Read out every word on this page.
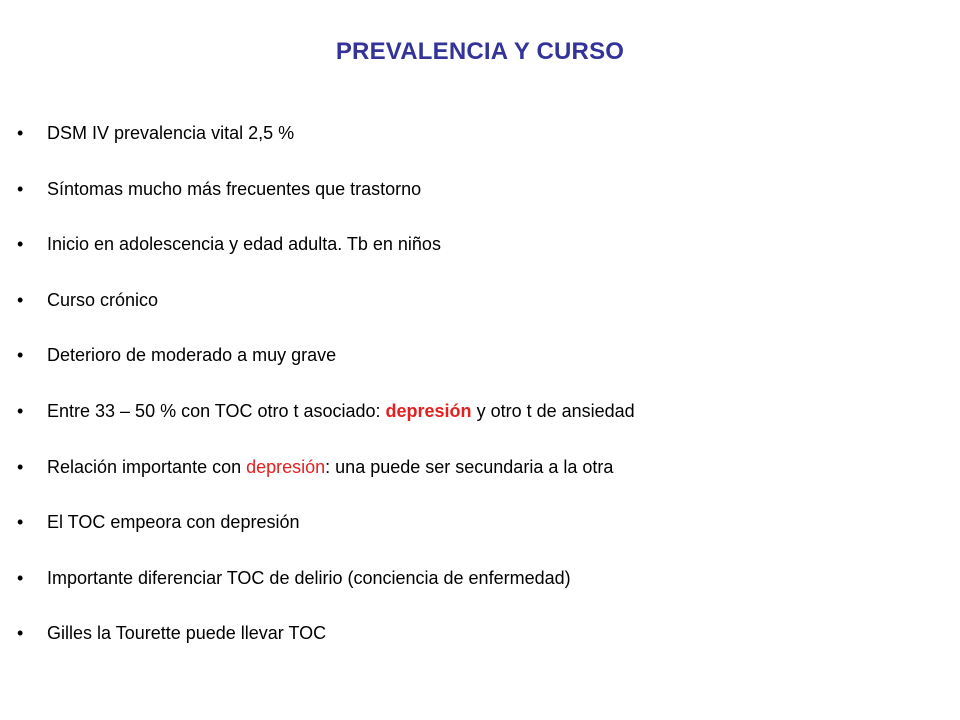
PREVALENCIA Y CURSO
•	DSM IV prevalencia vital 2,5 %
•	Síntomas mucho más frecuentes que trastorno
•	Inicio en adolescencia y edad adulta. Tb en niños
•	Curso crónico
•	Deterioro de moderado a muy grave
•	Entre 33 – 50 % con TOC otro t asociado: depresión y otro t de ansiedad
•	Relación importante con depresión: una puede ser secundaria a la otra
•	El TOC empeora con depresión
•	Importante diferenciar TOC de delirio (conciencia de enfermedad)
•	Gilles la Tourette puede llevar TOC
